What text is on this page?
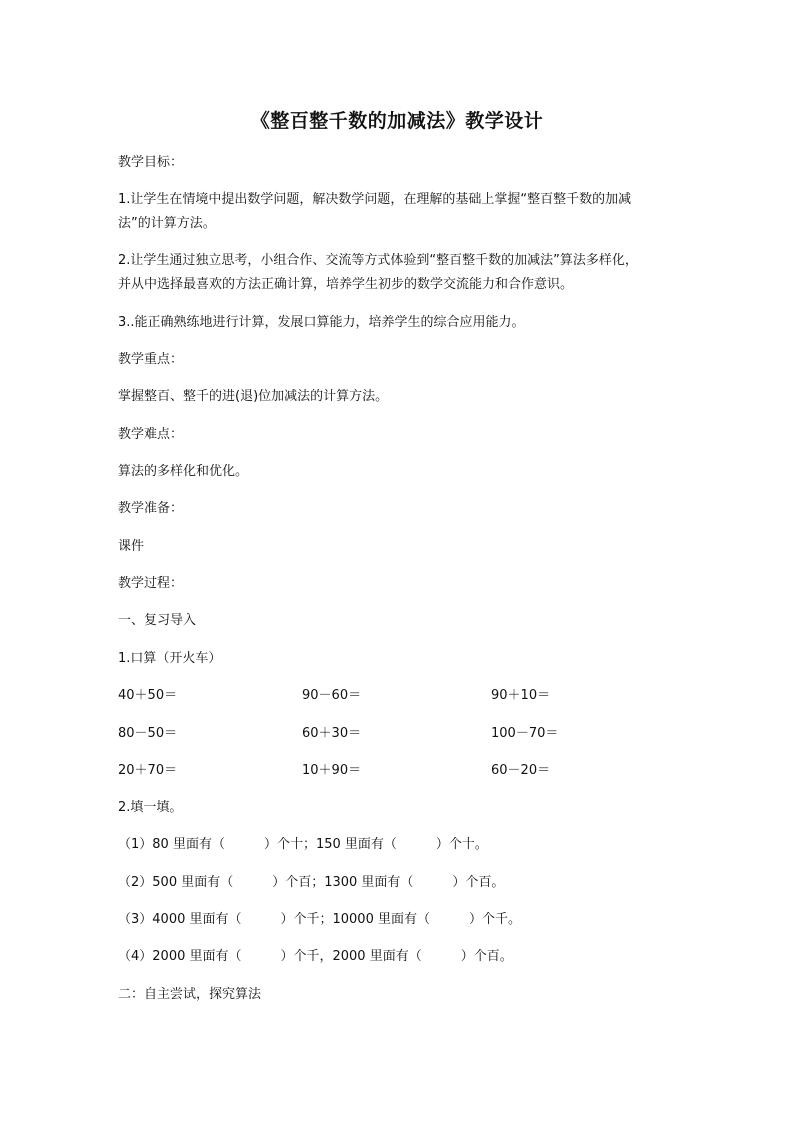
《整百整千数的加减法》教学设计
教学目标：
1.让学生在情境中提出数学问题，解决数学问题，在理解的基础上掌握“整百整千数的加减
法”的计算方法。
2.让学生通过独立思考，小组合作、交流等方式体验到“整百整千数的加减法”算法多样化，
并从中选择最喜欢的方法正确计算，培养学生初步的数学交流能力和合作意识。
3..能正确熟练地进行计算，发展口算能力，培养学生的综合应用能力。
教学重点：
掌握整百、整千的进(退)位加减法的计算方法。
教学难点：
算法的多样化和优化。
教学准备：
课件
教学过程：
一、复习导入
1.口算（开火车）
40＋50＝	90－60＝	90＋10＝
80－50＝	60＋30＝	100－70＝
20＋70＝	10＋90＝	60－20＝
2.填一填。
（1）80 里面有（　　　）个十；150 里面有（　　　）个十。
（2）500 里面有（　　　）个百；1300 里面有（　　　）个百。
（3）4000 里面有（　　　）个千；10000 里面有（　　　）个千。
（4）2000 里面有（　　　）个千，2000 里面有（　　　）个百。
二：自主尝试，探究算法
